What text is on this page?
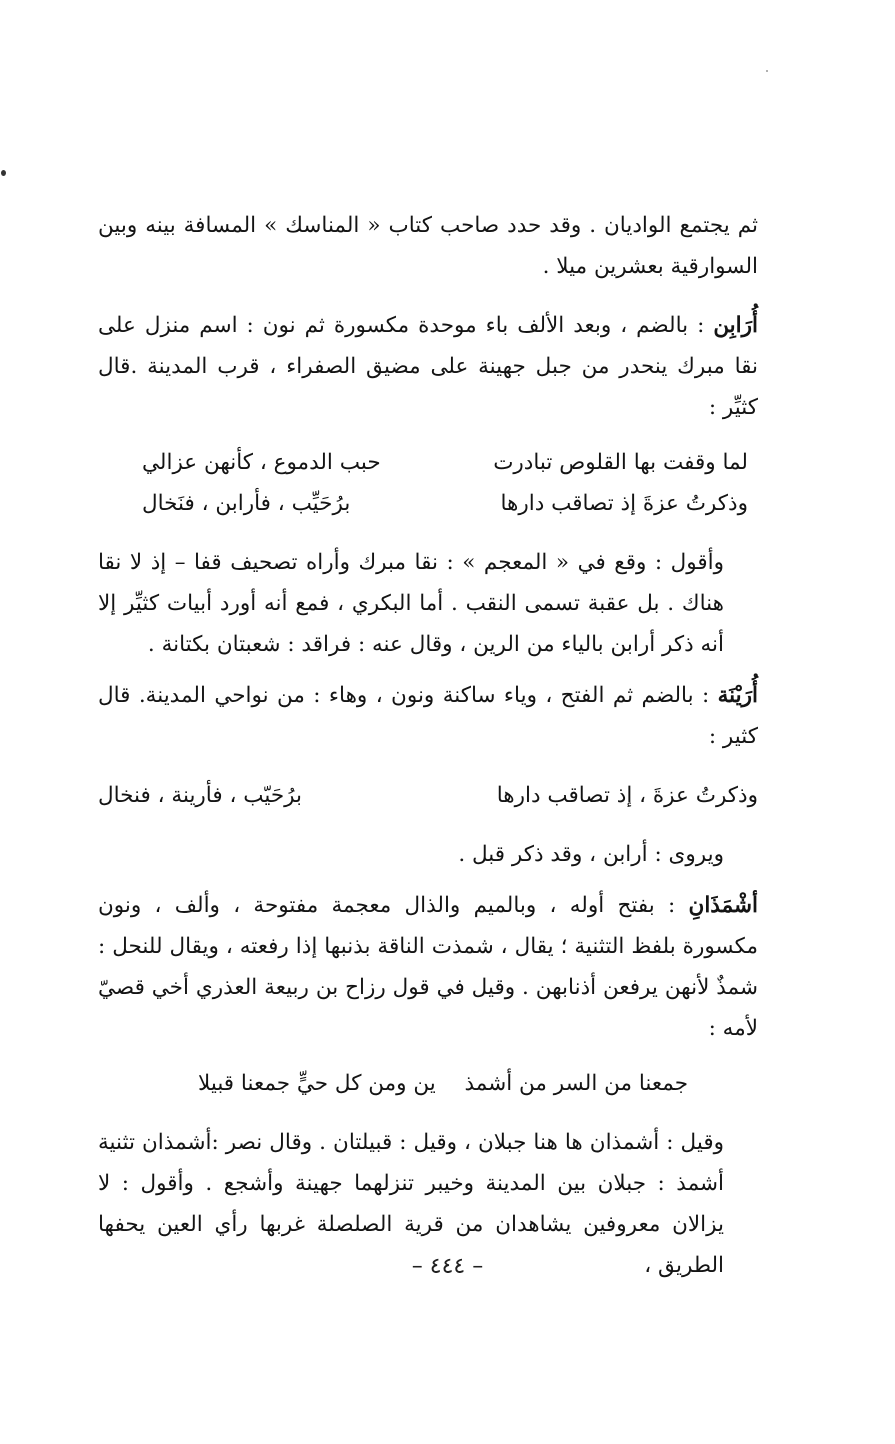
ثم يجتمع الواديان . وقد حدد صاحب كتاب « المناسك » المسافة بينه وبين السوارقية بعشرين ميلا .

أُرَابِن : بالضم ، وبعد الألف باء موحدة مكسورة ثم نون : اسم منزل على نقا مبرك ينحدر من جبل جهينة على مضيق الصفراء ، قرب المدينة .قال كثيِّر :

لما وقفت بها القلوص تبادرت
حبب الدموع ، كأنهن عزالي
وذكرتُ عزةَ إذ تصاقب دارها
برُحَيِّب ، فأرابن ، فنَخال

وأقول : وقع في « المعجم » : نقا مبرك وأراه تصحيف قفا – إذ لا نقا هناك . بل عقبة تسمى النقب . أما البكري ، فمع أنه أورد أبيات كثيِّر إلا أنه ذكر أرابن بالياء من الرين ، وقال عنه : فراقد : شعبتان بكتانة .

أُرَيْنَة : بالضم ثم الفتح ، وياء ساكنة ونون ، وهاء : من نواحي المدينة. قال كثير :

وذكرتُ عزةَ ، إذ تصاقب دارها
برُحَيّب ، فأرينة ، فنخال

ويروى : أرابن ، وقد ذكر قبل .

أشْمَذَانِ : بفتح أوله ، وبالميم والذال معجمة مفتوحة ، وألف ، ونون مكسورة بلفظ التثنية ؛ يقال ، شمذت الناقة بذنبها إذا رفعته ، ويقال للنحل : شمذٌ لأنهن يرفعن أذنابهن . وقيل في قول رزاح بن ربيعة العذري أخي قصيّ لأمه :

جمعنا من السر من أشمذ
ين ومن كل حيٍّ جمعنا قبيلا

وقيل : أشمذان ها هنا جبلان ، وقيل : قبيلتان . وقال نصر :أشمذان تثنية أشمذ : جبلان بين المدينة وخيبر تنزلهما جهينة وأشجع . وأقول : لا يزالان معروفين يشاهدان من قرية الصلصلة غربها رأي العين يحفها الطريق ،

– ٤٤٤ –
